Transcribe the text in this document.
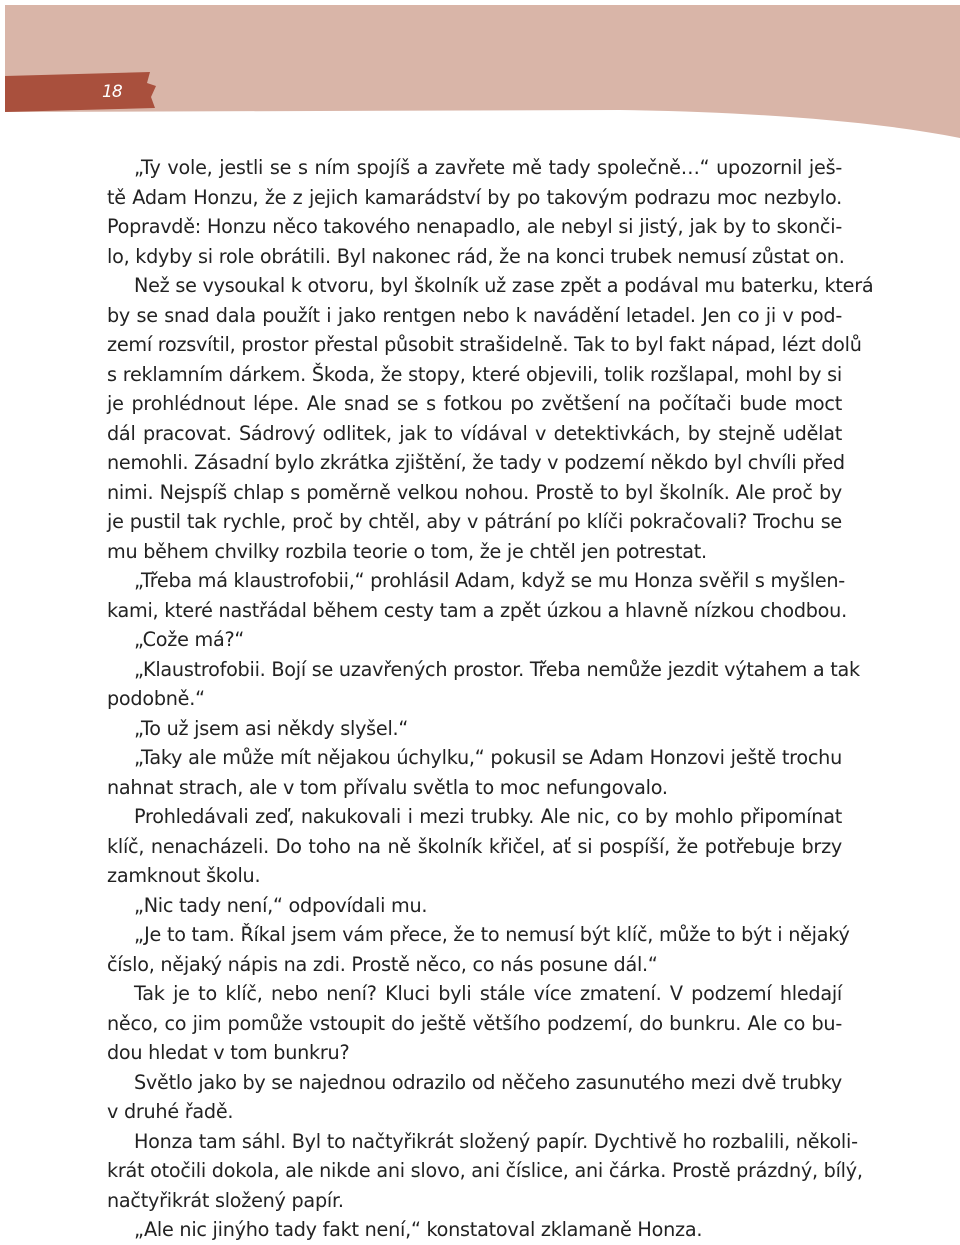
18

„Ty vole, jestli se s ním spojíš a zavřete mě tady společně…“ upozornil ješ-

tě Adam Honzu, že z jejich kamarádství by po takovým podrazu moc nezbylo.

Popravdě: Honzu něco takového nenapadlo, ale nebyl si jistý, jak by to skonči-

lo, kdyby si role obrátili. Byl nakonec rád, že na konci trubek nemusí zůstat on.

Než se vysoukal k otvoru, byl školník už zase zpět a podával mu baterku, která

by se snad dala použít i jako rentgen nebo k navádění letadel. Jen co ji v pod-

zemí rozsvítil, prostor přestal působit strašidelně. Tak to byl fakt nápad, lézt dolů

s reklamním dárkem. Škoda, že stopy, které objevili, tolik rozšlapal, mohl by si

je prohlédnout lépe. Ale snad se s fotkou po zvětšení na počítači bude moct

dál pracovat. Sádrový odlitek, jak to vídával v detektivkách, by stejně udělat

nemohli. Zásadní bylo zkrátka zjištění, že tady v podzemí někdo byl chvíli před

nimi. Nejspíš chlap s poměrně velkou nohou. Prostě to byl školník. Ale proč by

je pustil tak rychle, proč by chtěl, aby v pátrání po klíči pokračovali? Trochu se

mu během chvilky rozbila teorie o tom, že je chtěl jen potrestat.

„Třeba má klaustrofobii,“ prohlásil Adam, když se mu Honza svěřil s myšlen-

kami, které nastřádal během cesty tam a zpět úzkou a hlavně nízkou chodbou.

„Cože má?“

„Klaustrofobii. Bojí se uzavřených prostor. Třeba nemůže jezdit výtahem a tak

podobně.“

„To už jsem asi někdy slyšel.“

„Taky ale může mít nějakou úchylku,“ pokusil se Adam Honzovi ještě trochu

nahnat strach, ale v tom přívalu světla to moc nefungovalo.

Prohledávali zeď, nakukovali i mezi trubky. Ale nic, co by mohlo připomínat

klíč, nenacházeli. Do toho na ně školník křičel, ať si pospíší, že potřebuje brzy

zamknout školu.

„Nic tady není,“ odpovídali mu.

„Je to tam. Říkal jsem vám přece, že to nemusí být klíč, může to být i nějaký

číslo, nějaký nápis na zdi. Prostě něco, co nás posune dál.“

Tak je to klíč, nebo není? Kluci byli stále více zmatení. V podzemí hledají

něco, co jim pomůže vstoupit do ještě většího podzemí, do bunkru. Ale co bu-

dou hledat v tom bunkru?

Světlo jako by se najednou odrazilo od něčeho zasunutého mezi dvě trubky

v druhé řadě.

Honza tam sáhl. Byl to načtyřikrát složený papír. Dychtivě ho rozbalili, několi-

krát otočili dokola, ale nikde ani slovo, ani číslice, ani čárka. Prostě prázdný, bílý,

načtyřikrát složený papír.

„Ale nic jinýho tady fakt není,“ konstatoval zklamaně Honza.
